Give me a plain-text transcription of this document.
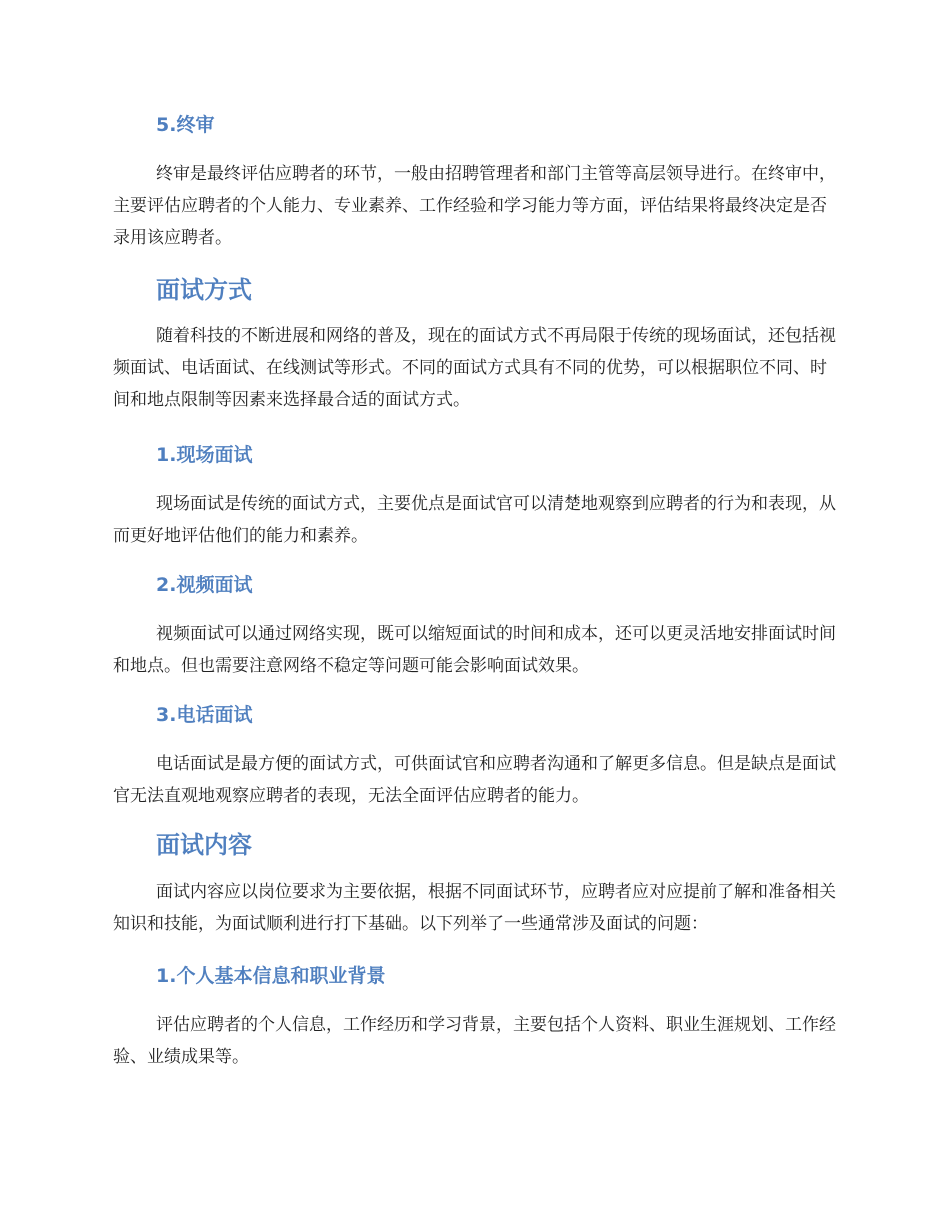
5.终审

终审是最终评估应聘者的环节，一般由招聘管理者和部门主管等高层领导进行。在终审中，主要评估应聘者的个人能力、专业素养、工作经验和学习能力等方面，评估结果将最终决定是否录用该应聘者。

面试方式

随着科技的不断进展和网络的普及，现在的面试方式不再局限于传统的现场面试，还包括视频面试、电话面试、在线测试等形式。不同的面试方式具有不同的优势，可以根据职位不同、时间和地点限制等因素来选择最合适的面试方式。

1.现场面试

现场面试是传统的面试方式，主要优点是面试官可以清楚地观察到应聘者的行为和表现，从而更好地评估他们的能力和素养。

2.视频面试

视频面试可以通过网络实现，既可以缩短面试的时间和成本，还可以更灵活地安排面试时间和地点。但也需要注意网络不稳定等问题可能会影响面试效果。

3.电话面试

电话面试是最方便的面试方式，可供面试官和应聘者沟通和了解更多信息。但是缺点是面试官无法直观地观察应聘者的表现，无法全面评估应聘者的能力。

面试内容

面试内容应以岗位要求为主要依据，根据不同面试环节，应聘者应对应提前了解和准备相关知识和技能，为面试顺利进行打下基础。以下列举了一些通常涉及面试的问题：

1.个人基本信息和职业背景

评估应聘者的个人信息，工作经历和学习背景，主要包括个人资料、职业生涯规划、工作经验、业绩成果等。
